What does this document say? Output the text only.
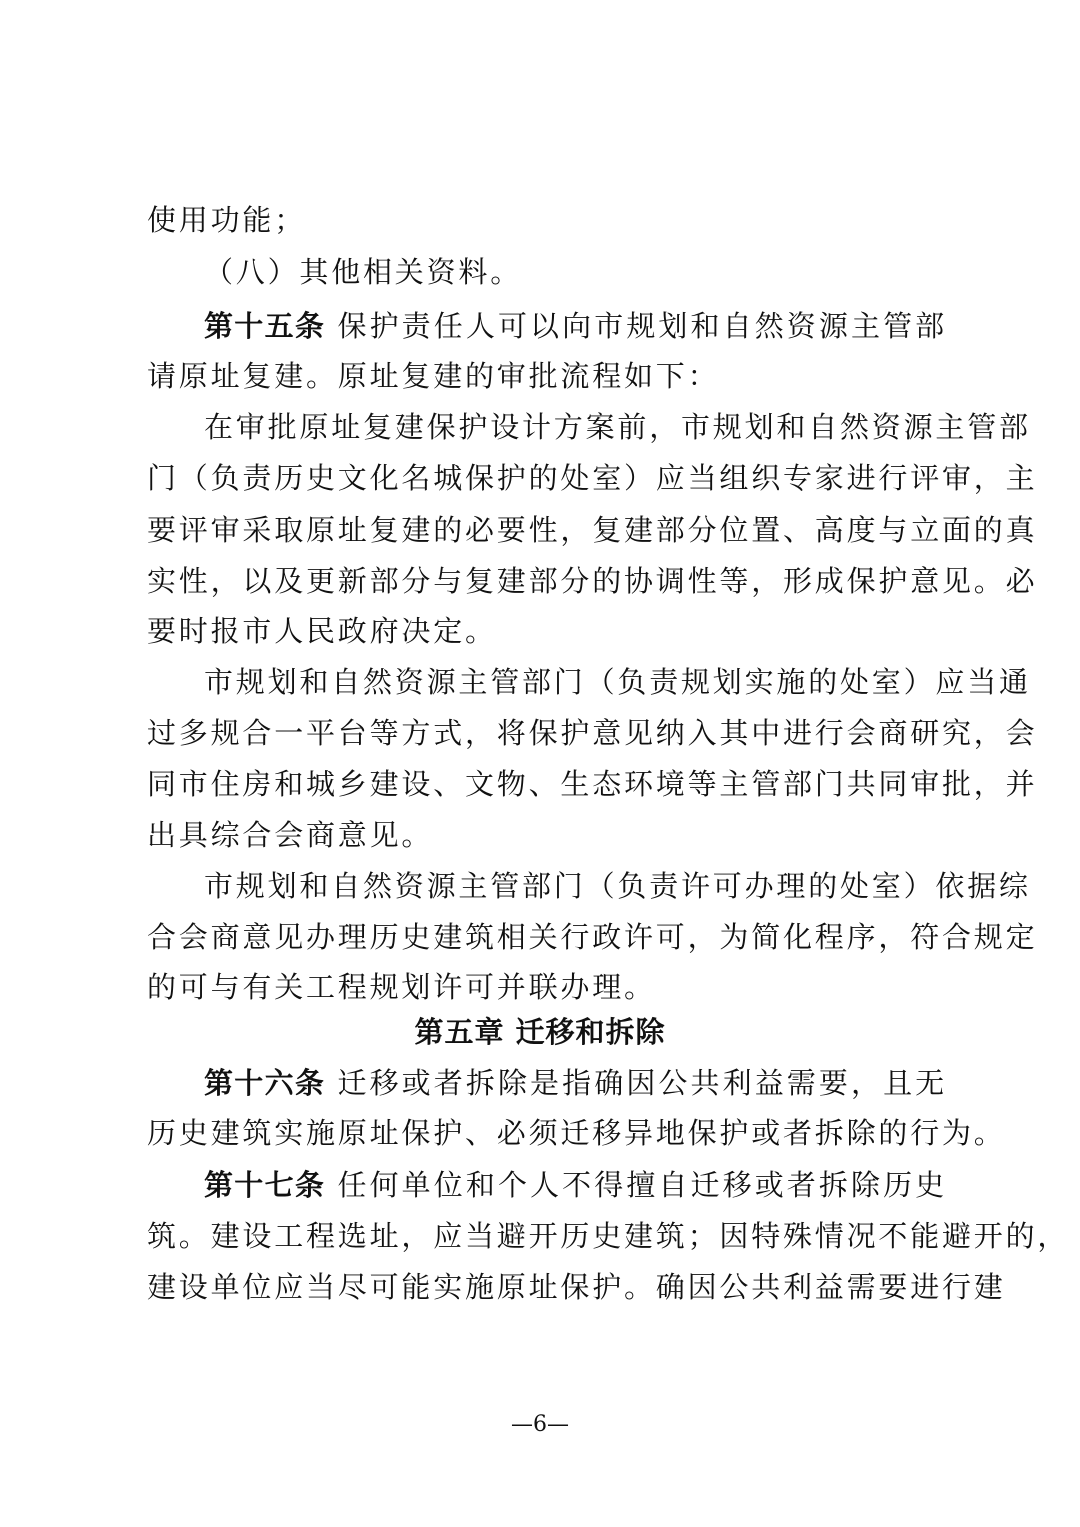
使用功能；
（八）其他相关资料。
第十五条 保护责任人可以向市规划和自然资源主管部
请原址复建。原址复建的审批流程如下：
在审批原址复建保护设计方案前，市规划和自然资源主管部
门（负责历史文化名城保护的处室）应当组织专家进行评审，主
要评审采取原址复建的必要性，复建部分位置、高度与立面的真
实性，以及更新部分与复建部分的协调性等，形成保护意见。必
要时报市人民政府决定。
市规划和自然资源主管部门（负责规划实施的处室）应当通
过多规合一平台等方式，将保护意见纳入其中进行会商研究，会
同市住房和城乡建设、文物、生态环境等主管部门共同审批，并
出具综合会商意见。
市规划和自然资源主管部门（负责许可办理的处室）依据综
合会商意见办理历史建筑相关行政许可，为简化程序，符合规定
的可与有关工程规划许可并联办理。
第五章 迁移和拆除
第十六条 迁移或者拆除是指确因公共利益需要，且无
历史建筑实施原址保护、必须迁移异地保护或者拆除的行为。
第十七条 任何单位和个人不得擅自迁移或者拆除历史
筑。建设工程选址，应当避开历史建筑；因特殊情况不能避开的，
建设单位应当尽可能实施原址保护。确因公共利益需要进行建
—6—
